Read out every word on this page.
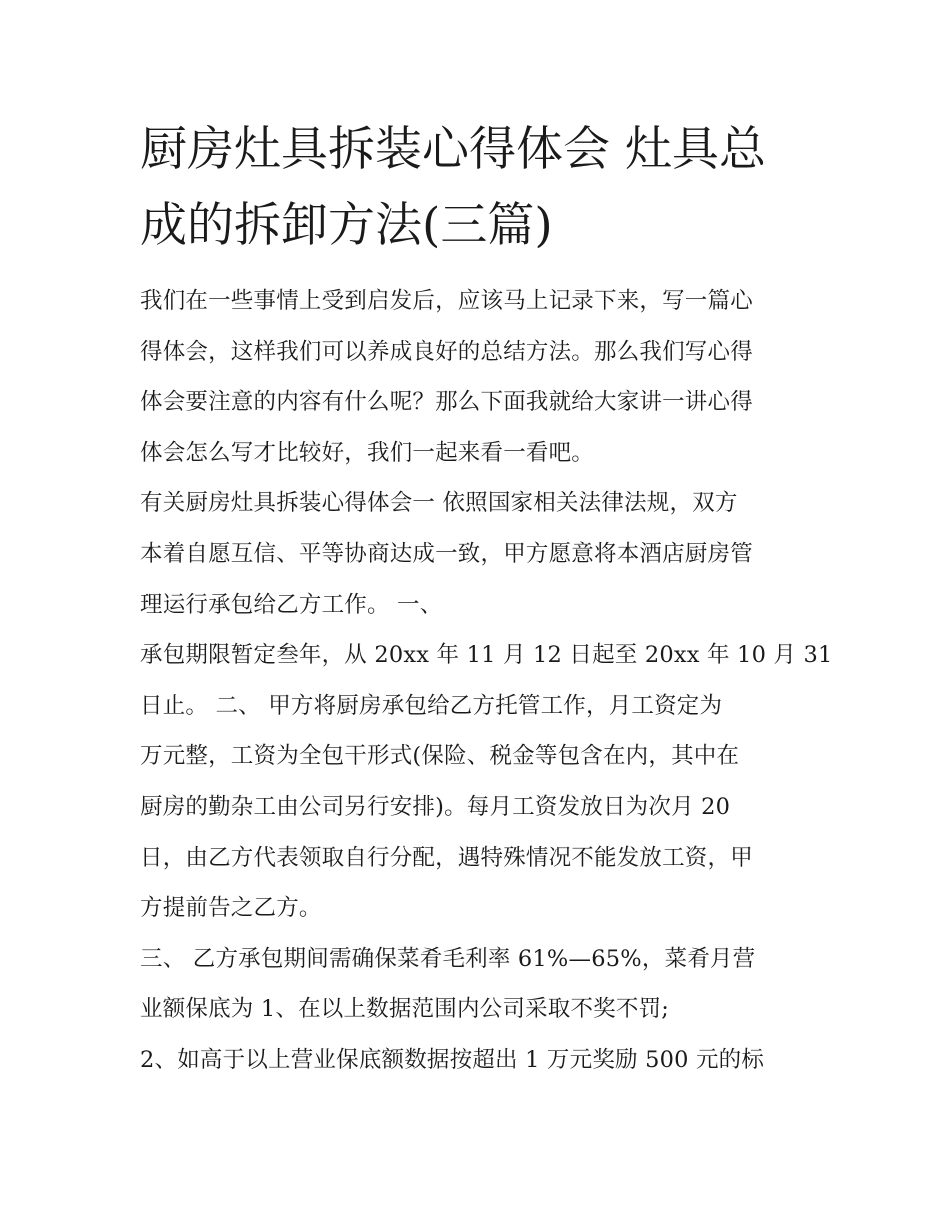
厨房灶具拆装心得体会 灶具总
成的拆卸方法(三篇)
我们在一些事情上受到启发后，应该马上记录下来，写一篇心
得体会，这样我们可以养成良好的总结方法。那么我们写心得
体会要注意的内容有什么呢？那么下面我就给大家讲一讲心得
体会怎么写才比较好，我们一起来看一看吧。
有关厨房灶具拆装心得体会一 依照国家相关法律法规，双方
本着自愿互信、平等协商达成一致，甲方愿意将本酒店厨房管
理运行承包给乙方工作。 一、
承包期限暂定叁年，从 20xx 年 11 月 12 日起至 20xx 年 10 月 31
日止。 二、 甲方将厨房承包给乙方托管工作，月工资定为
万元整，工资为全包干形式(保险、税金等包含在内，其中在
厨房的勤杂工由公司另行安排)。每月工资发放日为次月 20
日，由乙方代表领取自行分配，遇特殊情况不能发放工资，甲
方提前告之乙方。
三、 乙方承包期间需确保菜肴毛利率 61%—65%，菜肴月营
业额保底为 1、在以上数据范围内公司采取不奖不罚;
2、如高于以上营业保底额数据按超出 1 万元奖励 500 元的标
